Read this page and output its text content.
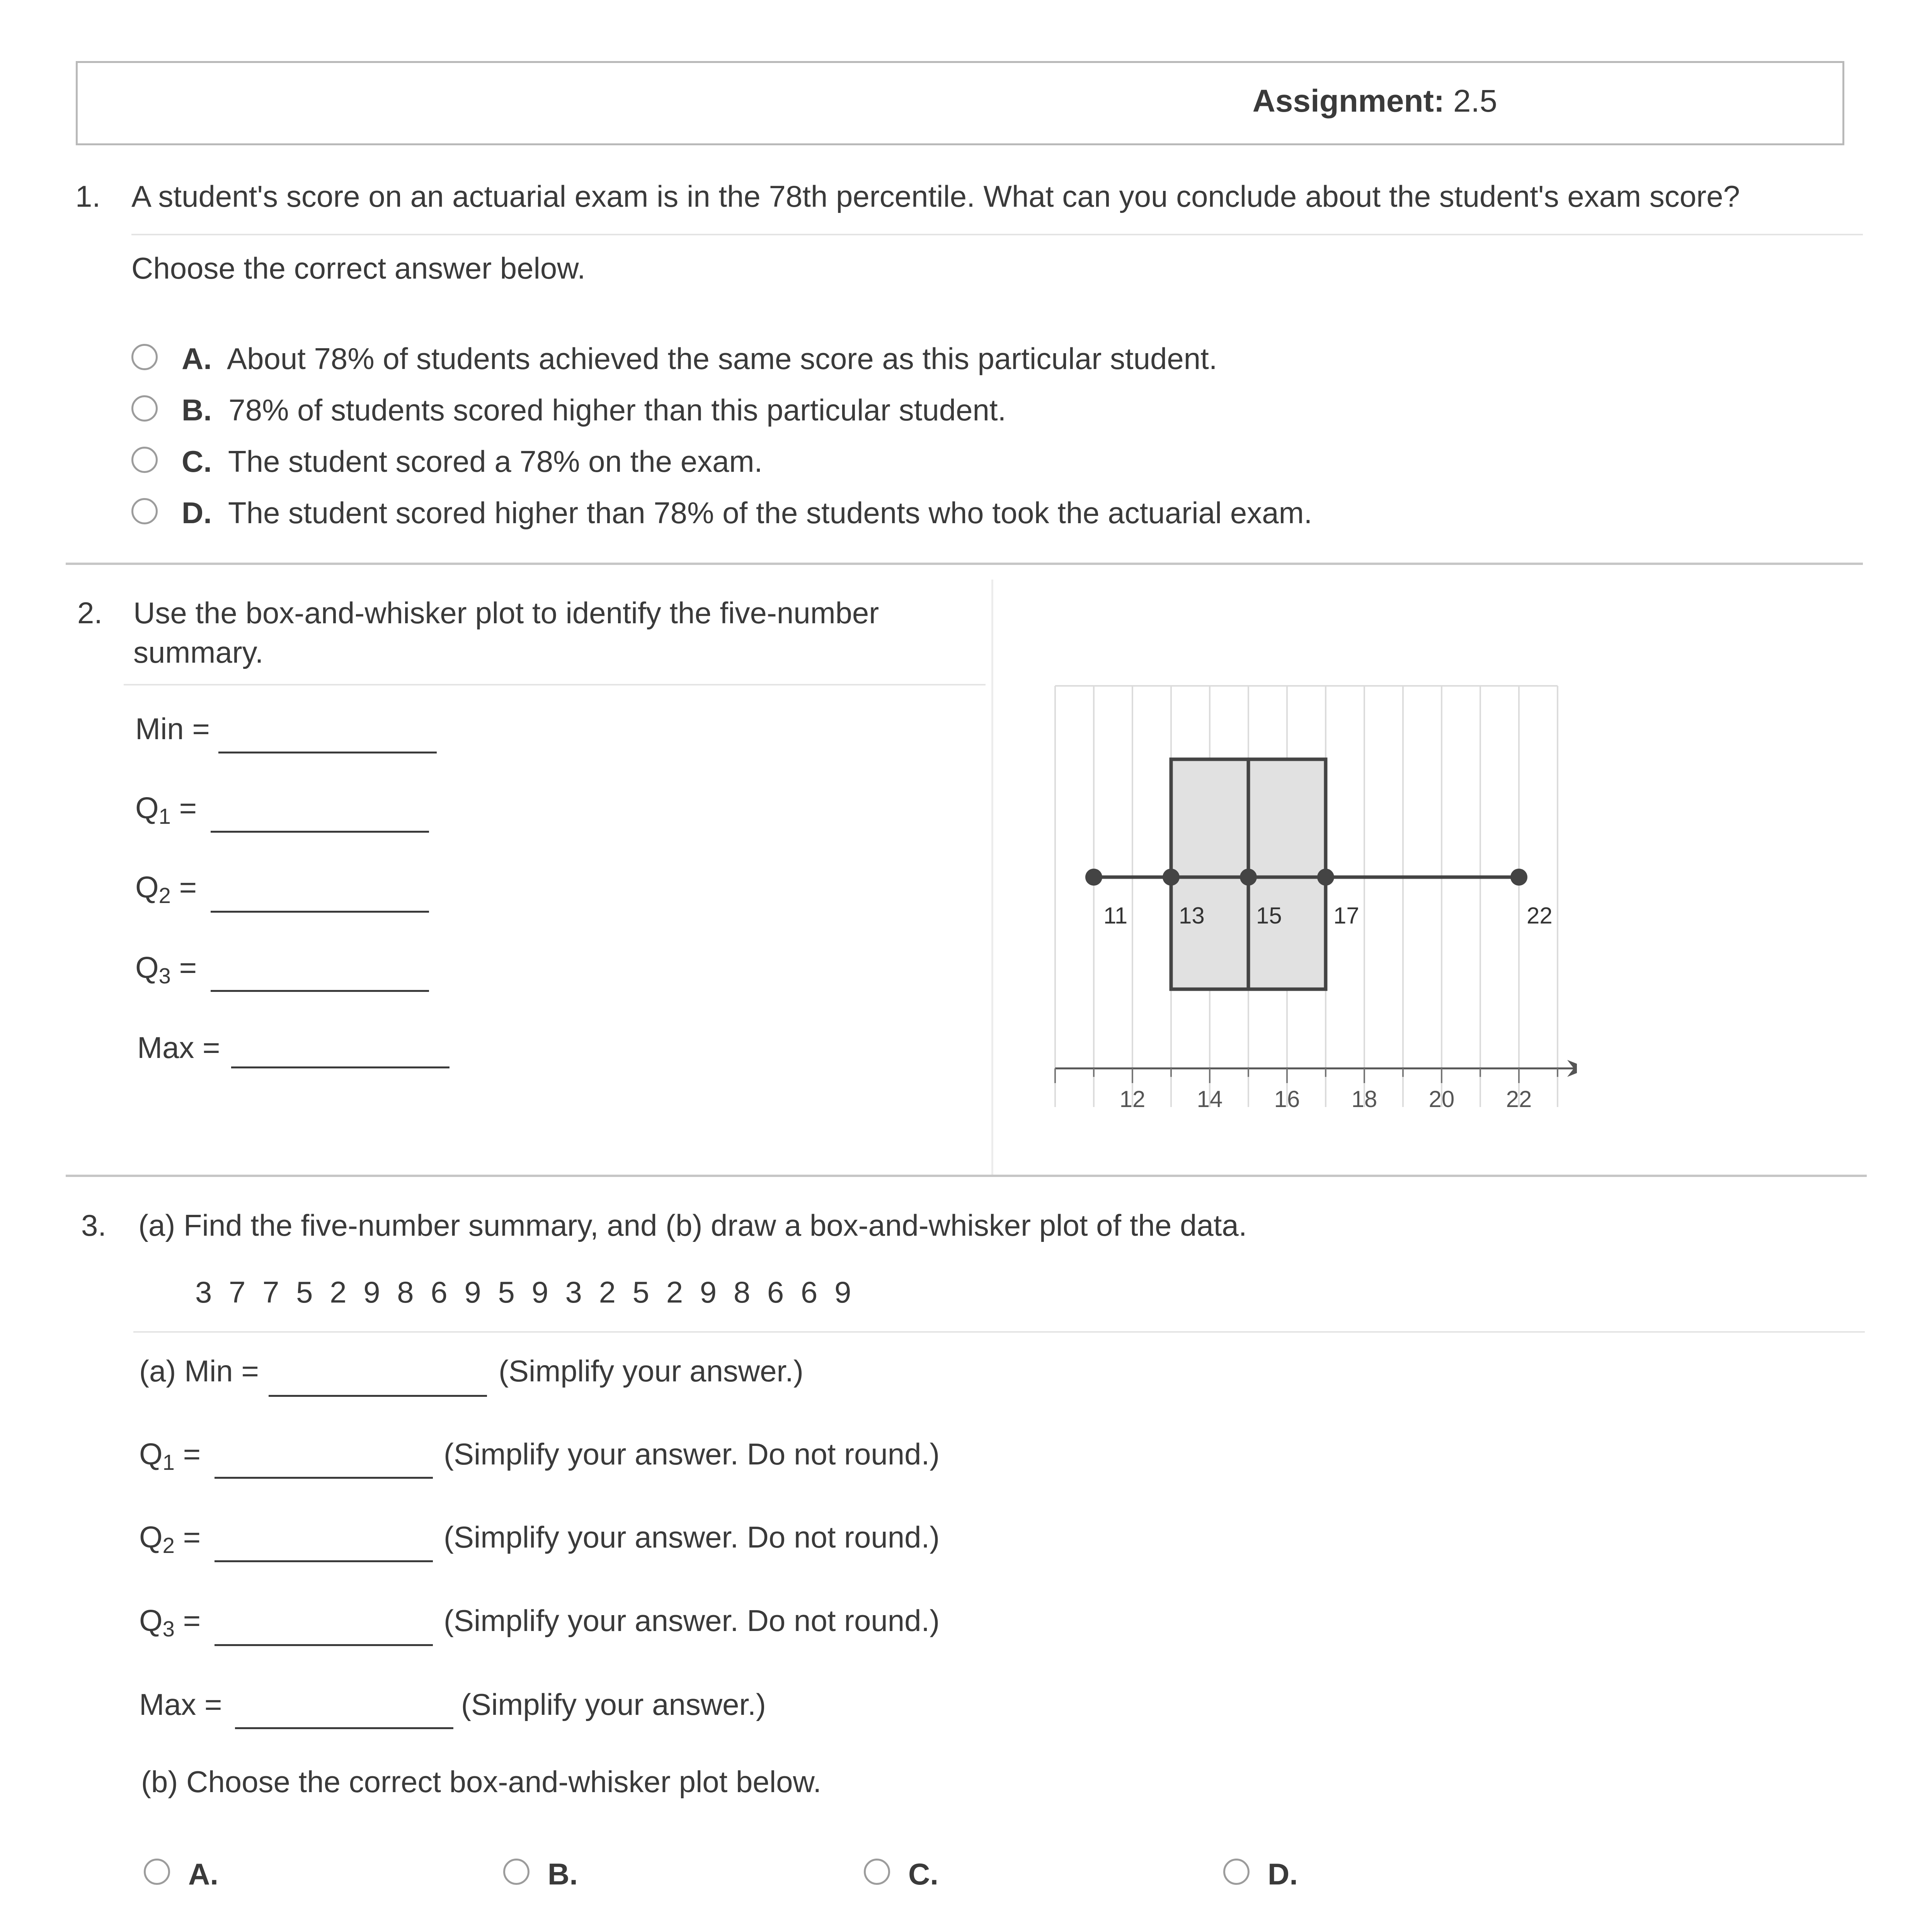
Assignment: 2.5
1. A student's score on an actuarial exam is in the 78th percentile. What can you conclude about the student's exam score?
Choose the correct answer below.
A. About 78% of students achieved the same score as this particular student.
B. 78% of students scored higher than this particular student.
C. The student scored a 78% on the exam.
D. The student scored higher than 78% of the students who took the actuarial exam.
2. Use the box-and-whisker plot to identify the five-number
summary.
Min =
$Q_1$ =
$Q_2$ =
$Q_3$ =
Max =
11 13 15 17	22
12 14 16 18 20 22
3. (a) Find the five-number summary, and (b) draw a box-and-whisker plot of the data.
3 7 7 5 2 9 8 6 9 5 9 3 2 5 2 9 8 6 6 9
(a) Min =	(Simplify your answer.)
$Q_1$ =	(Simplify your answer. Do not round.)
$Q_2$ =	(Simplify your answer. Do not round.)
$Q_3$ =	(Simplify your answer. Do not round.)
Max =	(Simplify your answer.)
(b) Choose the correct box-and-whisker plot below.
A.	B.	C.	D.
